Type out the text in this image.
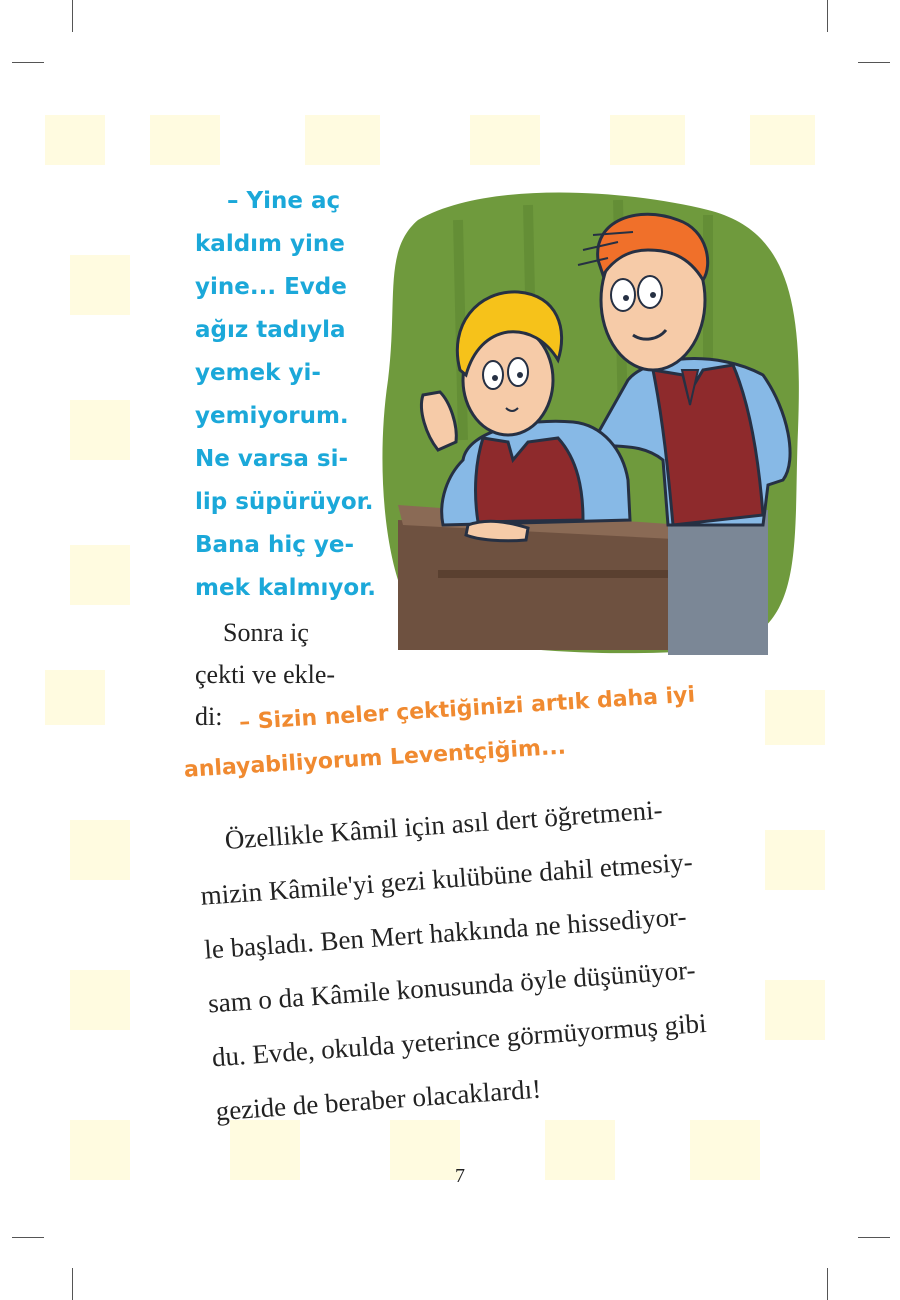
– Yine aç
kaldım yine
yine... Evde
ağız tadıyla
yemek yi-
yemiyorum.
Ne varsa si-
lip süpürüyor.
Bana hiç ye-
mek kalmıyor.
Sonra iç
çekti ve ekle-
di: – Sizin neler çektiğinizi artık daha iyi
anlayabiliyorum Leventçiğim...
Özellikle Kâmil için asıl dert öğretmeni-
mizin Kâmile'yi gezi kulübüne dahil etmesiy-
le başladı. Ben Mert hakkında ne hissediyor-
sam o da Kâmile konusunda öyle düşünüyor-
du. Evde, okulda yeterince görmüyormuş gibi
gezide de beraber olacaklardı!
7
